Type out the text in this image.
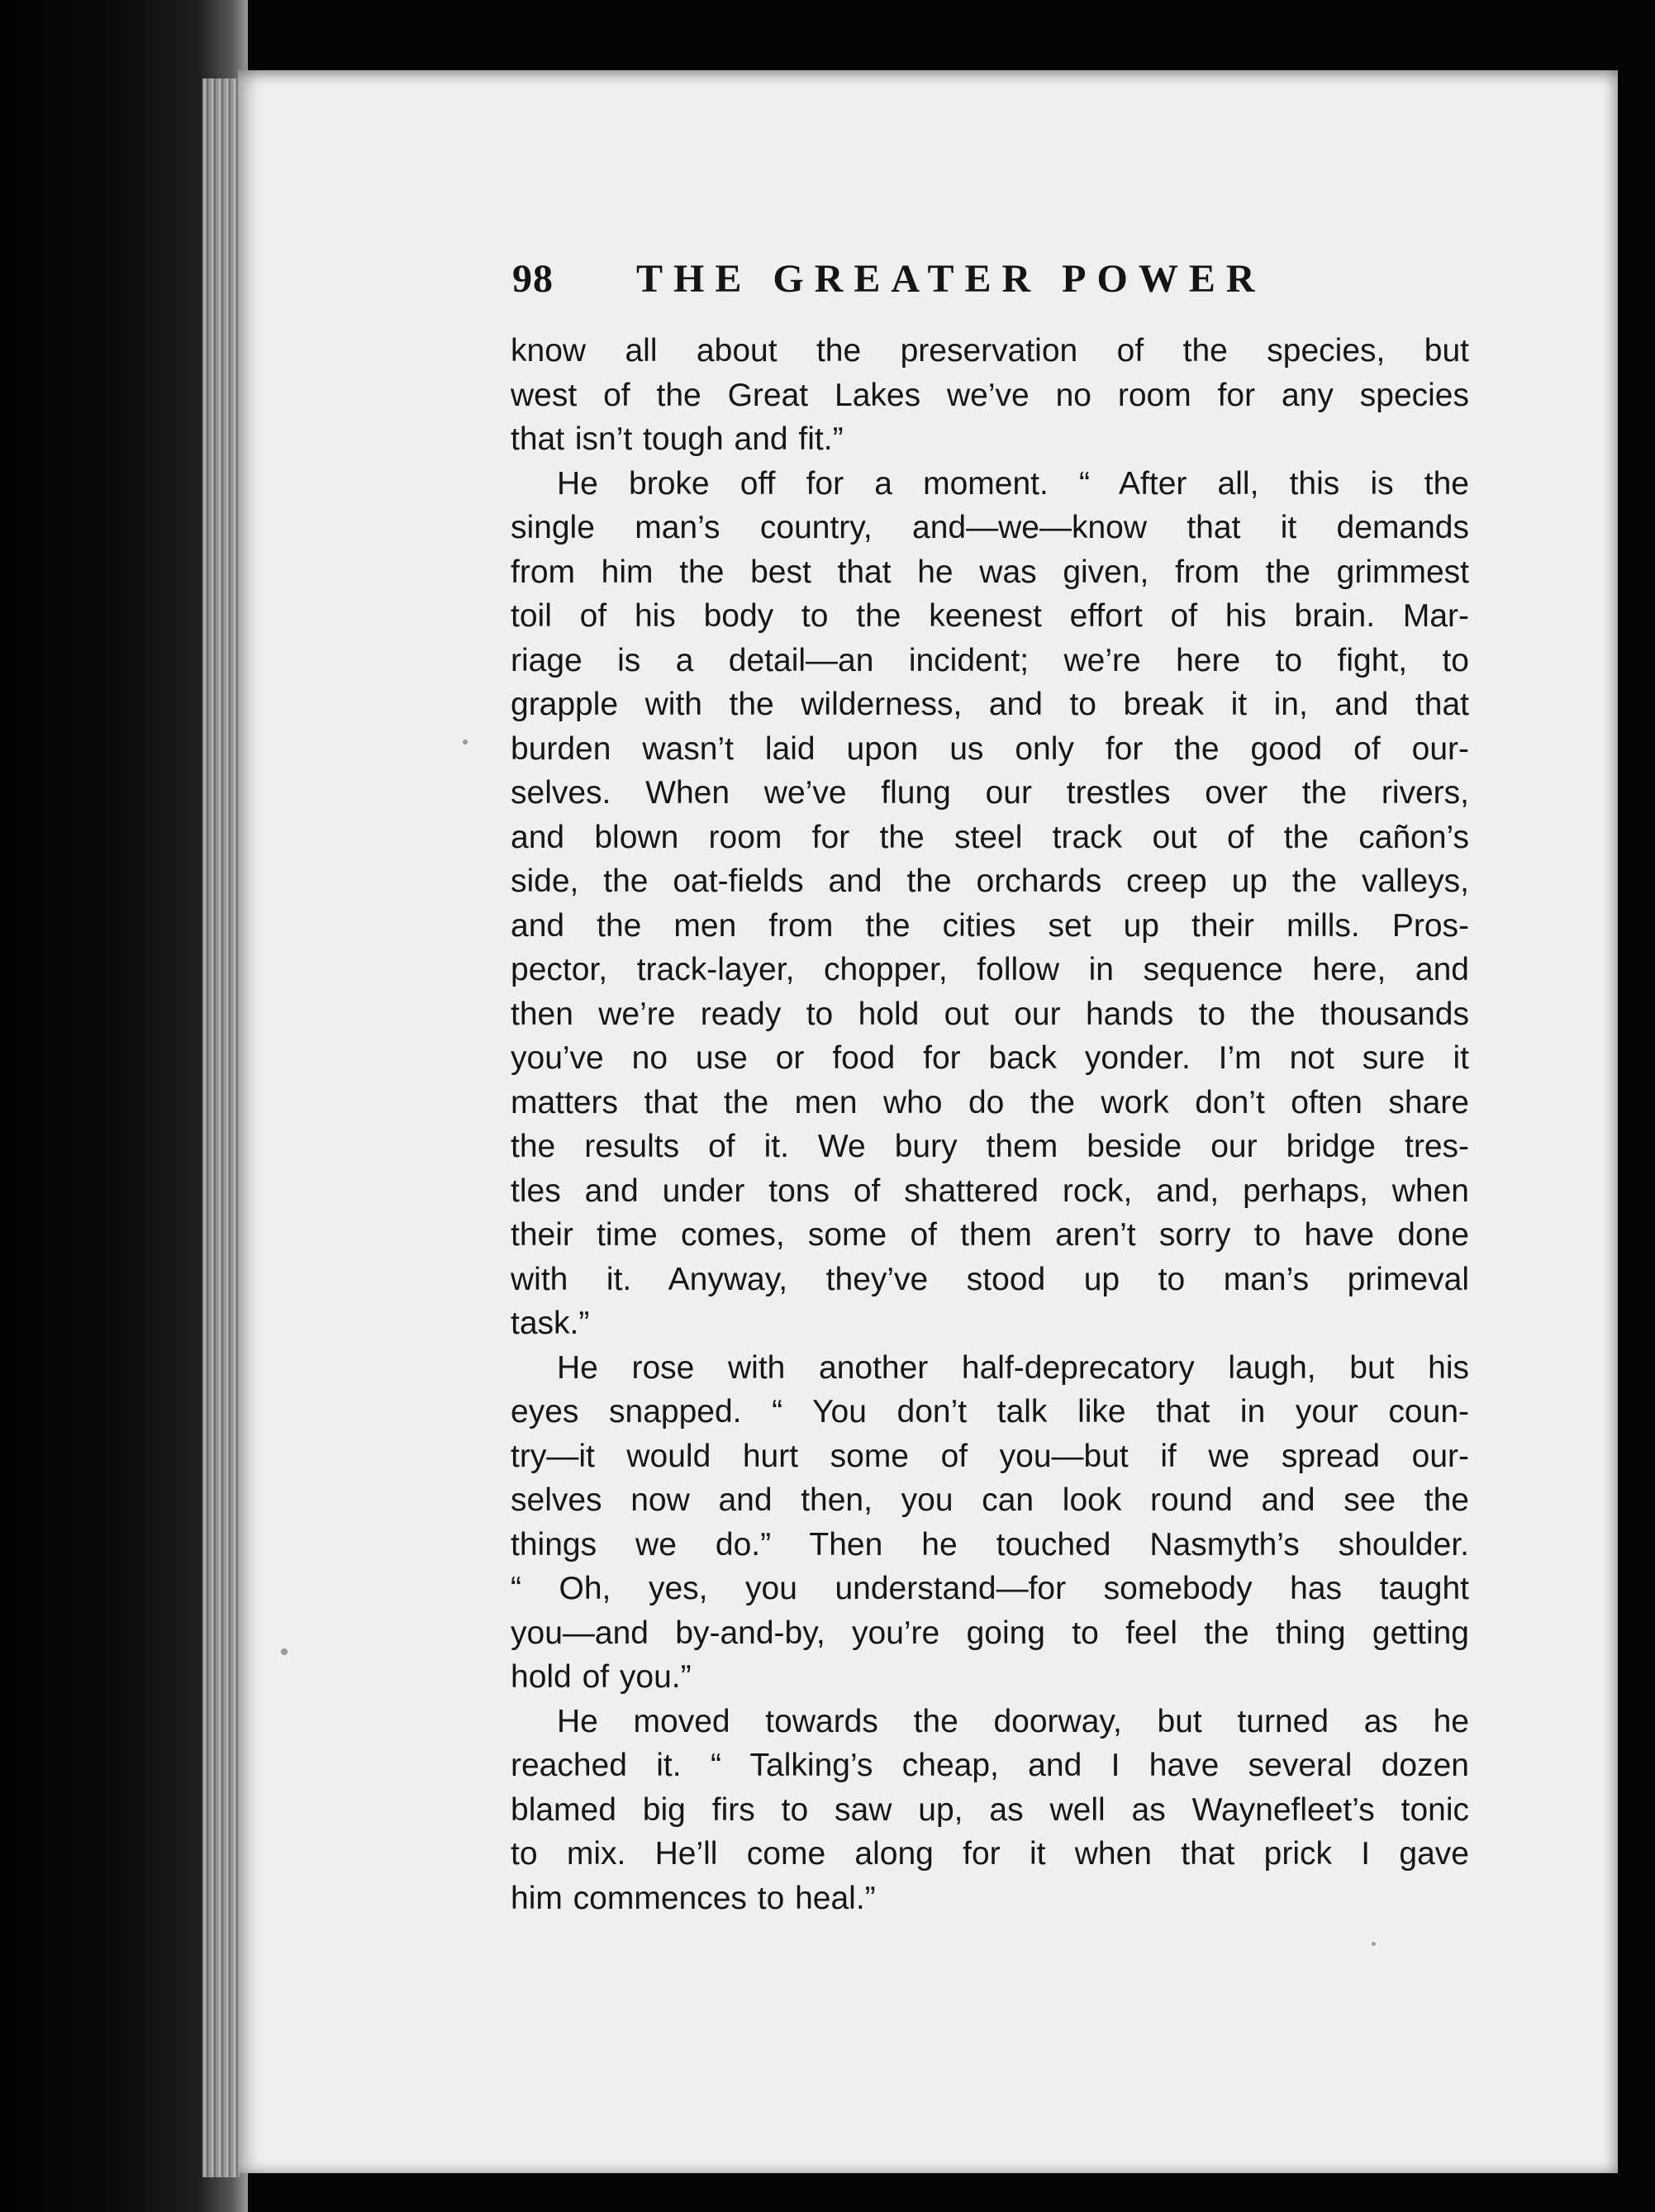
98 THE GREATER POWER
know all about the preservation of the species, but
west of the Great Lakes we’ve no room for any species
that isn’t tough and fit.”
He broke off for a moment. “ After all, this is the
single man’s country, and—we—know that it demands
from him the best that he was given, from the grimmest
toil of his body to the keenest effort of his brain. Mar-
riage is a detail—an incident; we’re here to fight, to
grapple with the wilderness, and to break it in, and that
burden wasn’t laid upon us only for the good of our-
selves. When we’ve flung our trestles over the rivers,
and blown room for the steel track out of the cañon’s
side, the oat-fields and the orchards creep up the valleys,
and the men from the cities set up their mills. Pros-
pector, track-layer, chopper, follow in sequence here, and
then we’re ready to hold out our hands to the thousands
you’ve no use or food for back yonder. I’m not sure it
matters that the men who do the work don’t often share
the results of it. We bury them beside our bridge tres-
tles and under tons of shattered rock, and, perhaps, when
their time comes, some of them aren’t sorry to have done
with it. Anyway, they’ve stood up to man’s primeval
task.”
He rose with another half-deprecatory laugh, but his
eyes snapped. “ You don’t talk like that in your coun-
try—it would hurt some of you—but if we spread our-
selves now and then, you can look round and see the
things we do.” Then he touched Nasmyth’s shoulder.
“ Oh, yes, you understand—for somebody has taught
you—and by-and-by, you’re going to feel the thing getting
hold of you.”
He moved towards the doorway, but turned as he
reached it. “ Talking’s cheap, and I have several dozen
blamed big firs to saw up, as well as Waynefleet’s tonic
to mix. He’ll come along for it when that prick I gave
him commences to heal.”
